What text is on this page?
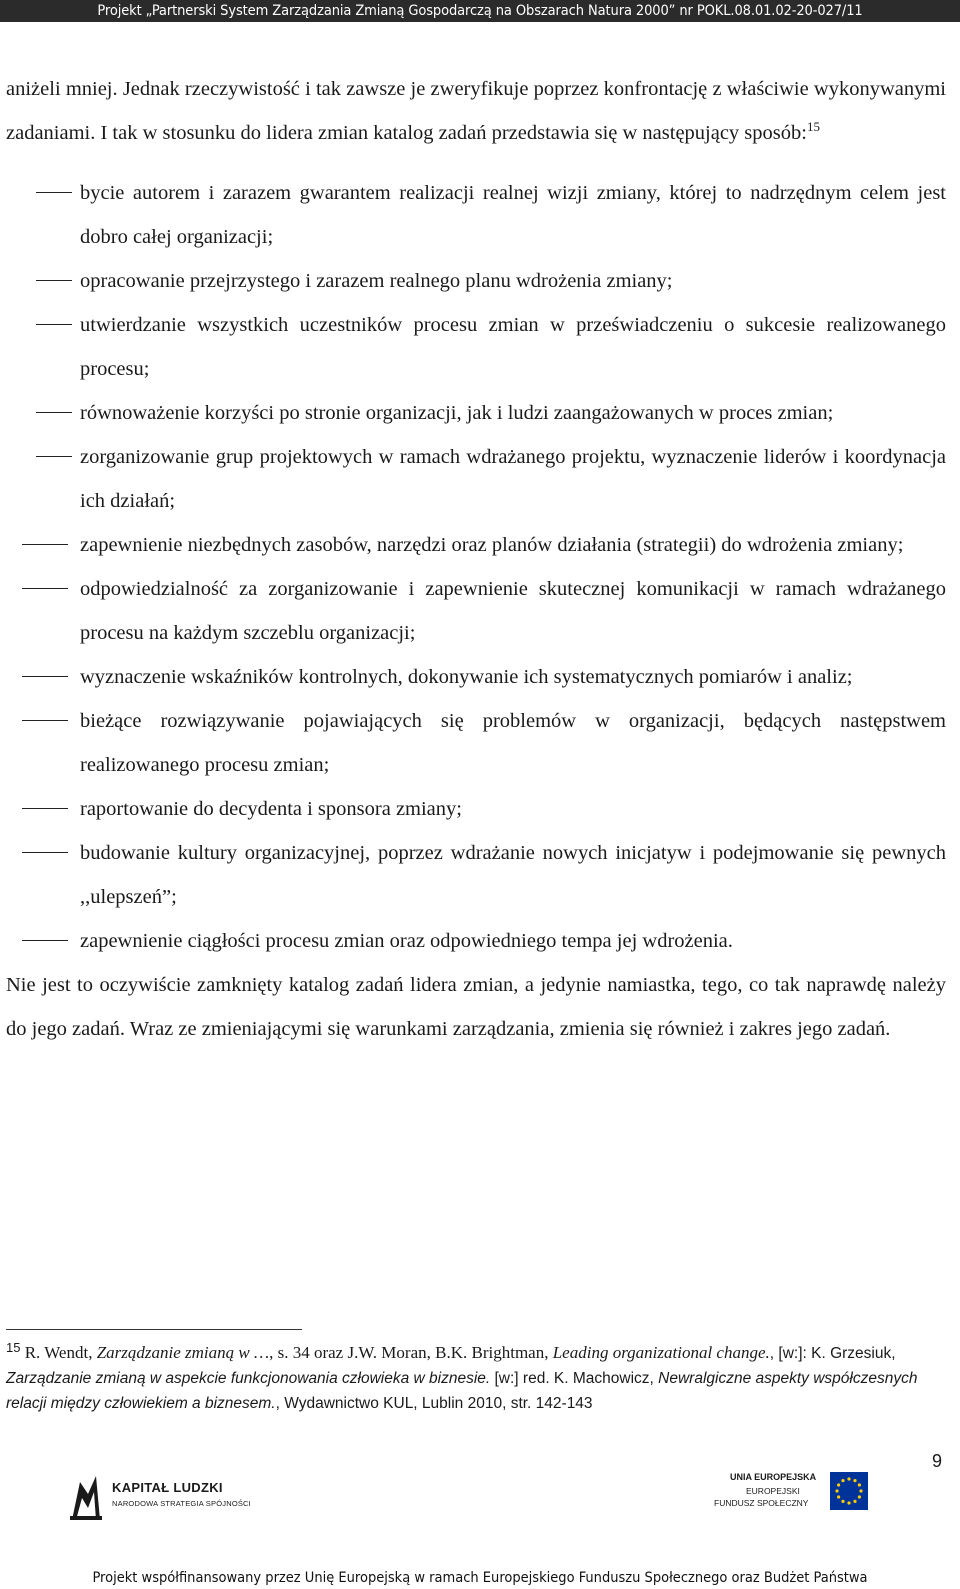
Projekt „Partnerski System Zarządzania Zmianą Gospodarczą na Obszarach Natura 2000” nr POKL.08.01.02-20-027/11

aniżeli mniej. Jednak rzeczywistość i tak zawsze je zweryfikuje poprzez konfrontację z właściwie wykonywanymi zadaniami. I tak w stosunku do lidera zmian katalog zadań przedstawia się w następujący sposób:$^{15}$

bycie autorem i zarazem gwarantem realizacji realnej wizji zmiany, której to nadrzędnym celem jest dobro całej organizacji;
opracowanie przejrzystego i zarazem realnego planu wdrożenia zmiany;
utwierdzanie wszystkich uczestników procesu zmian w przeświadczeniu o sukcesie realizowanego procesu;
równoważenie korzyści po stronie organizacji, jak i ludzi zaangażowanych w proces zmian;
zorganizowanie grup projektowych w ramach wdrażanego projektu, wyznaczenie liderów i koordynacja ich działań;
zapewnienie niezbędnych zasobów, narzędzi oraz planów działania (strategii) do wdrożenia zmiany;
odpowiedzialność za zorganizowanie i zapewnienie skutecznej komunikacji w ramach wdrażanego procesu na każdym szczeblu organizacji;
wyznaczenie wskaźników kontrolnych, dokonywanie ich systematycznych pomiarów i analiz;
bieżące rozwiązywanie pojawiających się problemów w organizacji, będących następstwem realizowanego procesu zmian;
raportowanie do decydenta i sponsora zmiany;
budowanie kultury organizacyjnej, poprzez wdrażanie nowych inicjatyw i podejmowanie się pewnych ,,ulepszeń”;
zapewnienie ciągłości procesu zmian oraz odpowiedniego tempa jej wdrożenia.

Nie jest to oczywiście zamknięty katalog zadań lidera zmian, a jedynie namiastka, tego, co tak naprawdę należy do jego zadań. Wraz ze zmieniającymi się warunkami zarządzania, zmienia się również i zakres jego zadań.

$^{15}$ R. Wendt, Zarządzanie zmianą w …, s. 34 oraz J.W. Moran, B.K. Brightman, Leading organizational change., [w:]: K. Grzesiuk, Zarządzanie zmianą w aspekcie funkcjonowania człowieka w biznesie. [w:] red. K. Machowicz, Newralgiczne aspekty współczesnych relacji między człowiekiem a biznesem., Wydawnictwo KUL, Lublin 2010, str. 142-143
9
KAPITAŁ LUDZKI
NARODOWA STRATEGIA SPÓJNOŚCI
UNIA EUROPEJSKA
EUROPEJSKI
FUNDUSZ SPOŁECZNY
Projekt współfinansowany przez Unię Europejską w ramach Europejskiego Funduszu Społecznego oraz Budżet Państwa
